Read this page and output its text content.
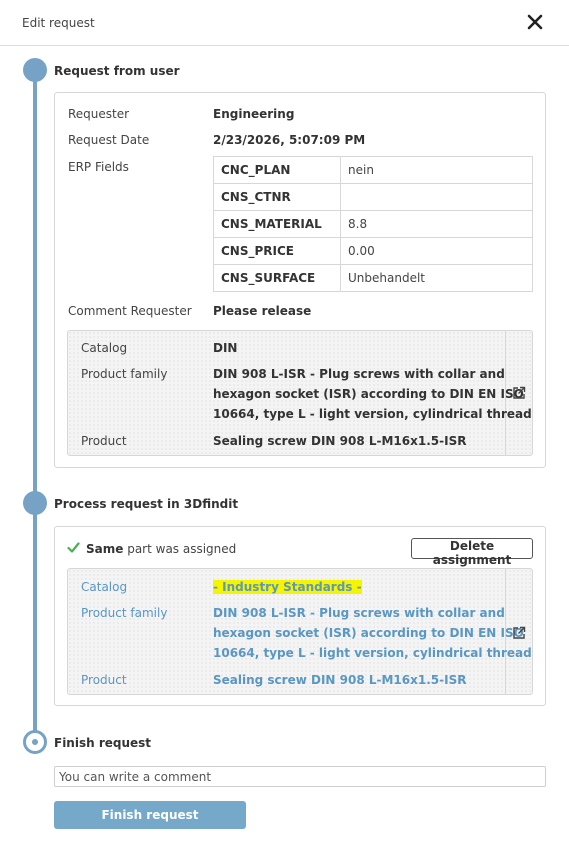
Edit request
Request from user
Requester	Engineering
Request Date	2/23/2026, 5:07:09 PM
ERP Fields	CNC_PLAN	nein
CNS_CTNR	
CNS_MATERIAL	8.8
CNS_PRICE	0.00
CNS_SURFACE	Unbehandelt
Comment Requester Please release
Catalog	DIN
Product family	DIN 908 L-ISR - Plug screws with collar and
hexagon socket (ISR) according to DIN EN ISO
10664, type L - light version, cylindrical thread
Product	Sealing screw DIN 908 L-M16x1.5-ISR
Process request in 3Dfindit
Same part was assigned	Delete assignment
Catalog	- Industry Standards -
Product family	DIN 908 L-ISR - Plug screws with collar and
hexagon socket (ISR) according to DIN EN ISO
10664, type L - light version, cylindrical thread
Product	Sealing screw DIN 908 L-M16x1.5-ISR
Finish request
You can write a comment
Finish request
